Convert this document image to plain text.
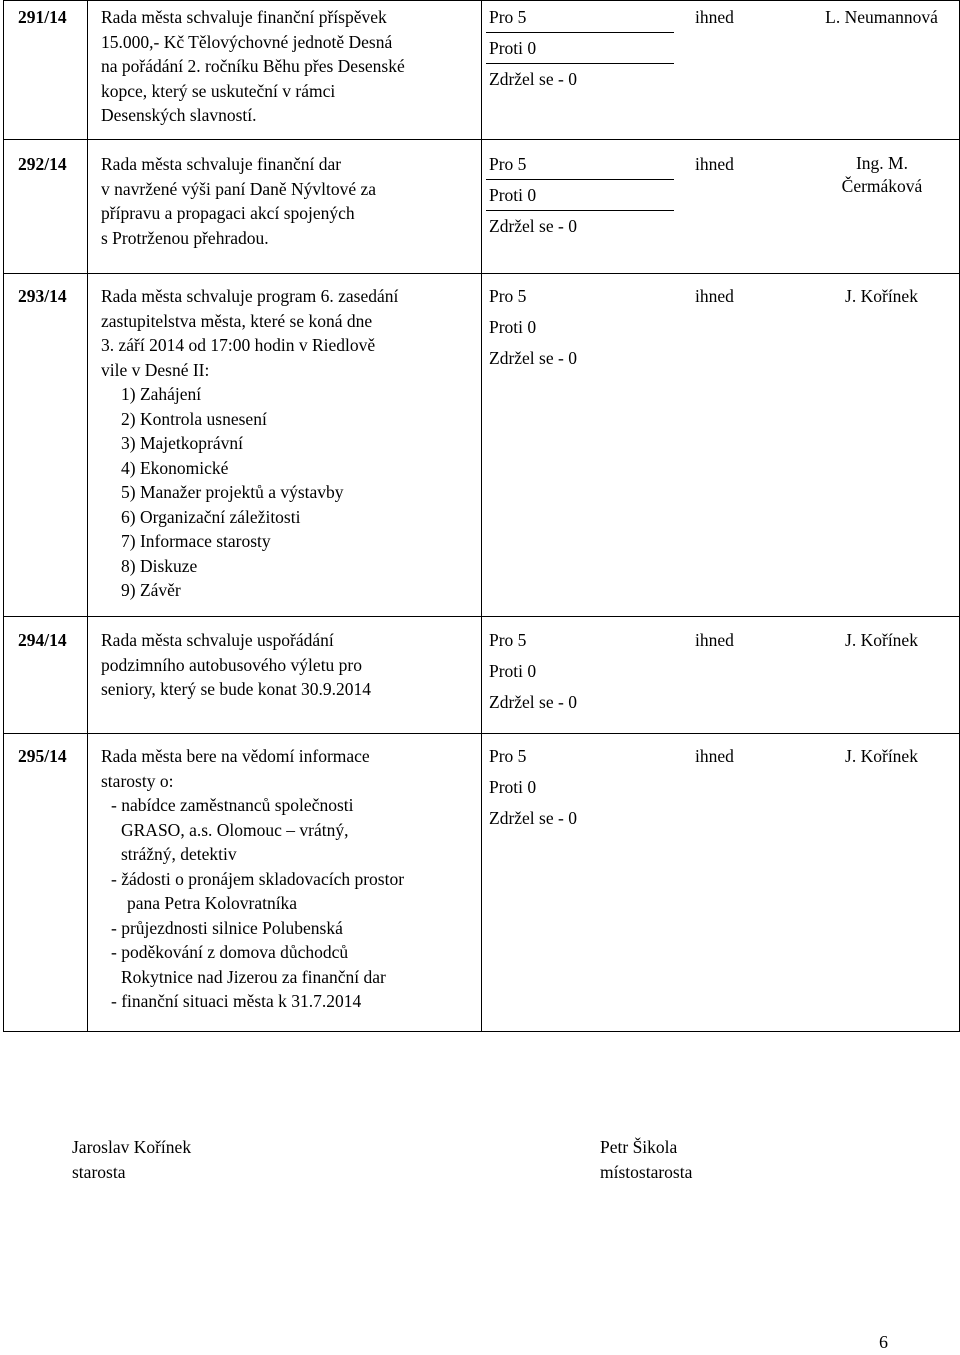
291/14 Rada města schvaluje finanční příspěvek
15.000,- Kč Tělovýchovné jednotě Desná
na pořádání 2. ročníku Běhu přes Desenské
kopce, který se uskuteční v rámci
Desenských slavností.
Pro 5
Proti 0
Zdržel se - 0
ihned	L. Neumannová
292/14 Rada města schvaluje finanční dar
v navržené výši paní Daně Nývltové za
přípravu a propagaci akcí spojených
s Protrženou přehradou.
Pro 5
Proti 0
Zdržel se - 0
ihned	Ing. M. Čermáková
293/14 Rada města schvaluje program 6. zasedání
zastupitelstva města, které se koná dne
3. září 2014 od 17:00 hodin v Riedlově
vile v Desné II:
1) Zahájení
2) Kontrola usnesení
3) Majetkoprávní
4) Ekonomické
5) Manažer projektů a výstavby
6) Organizační záležitosti
7) Informace starosty
8) Diskuze
9) Závěr
Pro 5
Proti 0
Zdržel se - 0
ihned	J. Kořínek
294/14 Rada města schvaluje uspořádání
podzimního autobusového výletu pro
seniory, který se bude konat 30.9.2014
Pro 5
Proti 0
Zdržel se - 0
ihned	J. Kořínek
295/14 Rada města bere na vědomí informace
starosty o:
- nabídce zaměstnanců společnosti
GRASO, a.s. Olomouc – vrátný,
strážný, detektiv
- žádosti o pronájem skladovacích prostor
pana Petra Kolovratníka
- průjezdnosti silnice Polubenská
- poděkování z domova důchodců
Rokytnice nad Jizerou za finanční dar
- finanční situaci města k 31.7.2014
Pro 5
Proti 0
Zdržel se - 0
ihned	J. Kořínek
Jaroslav Kořínek
starosta
Petr Šikola
místostarosta
6
